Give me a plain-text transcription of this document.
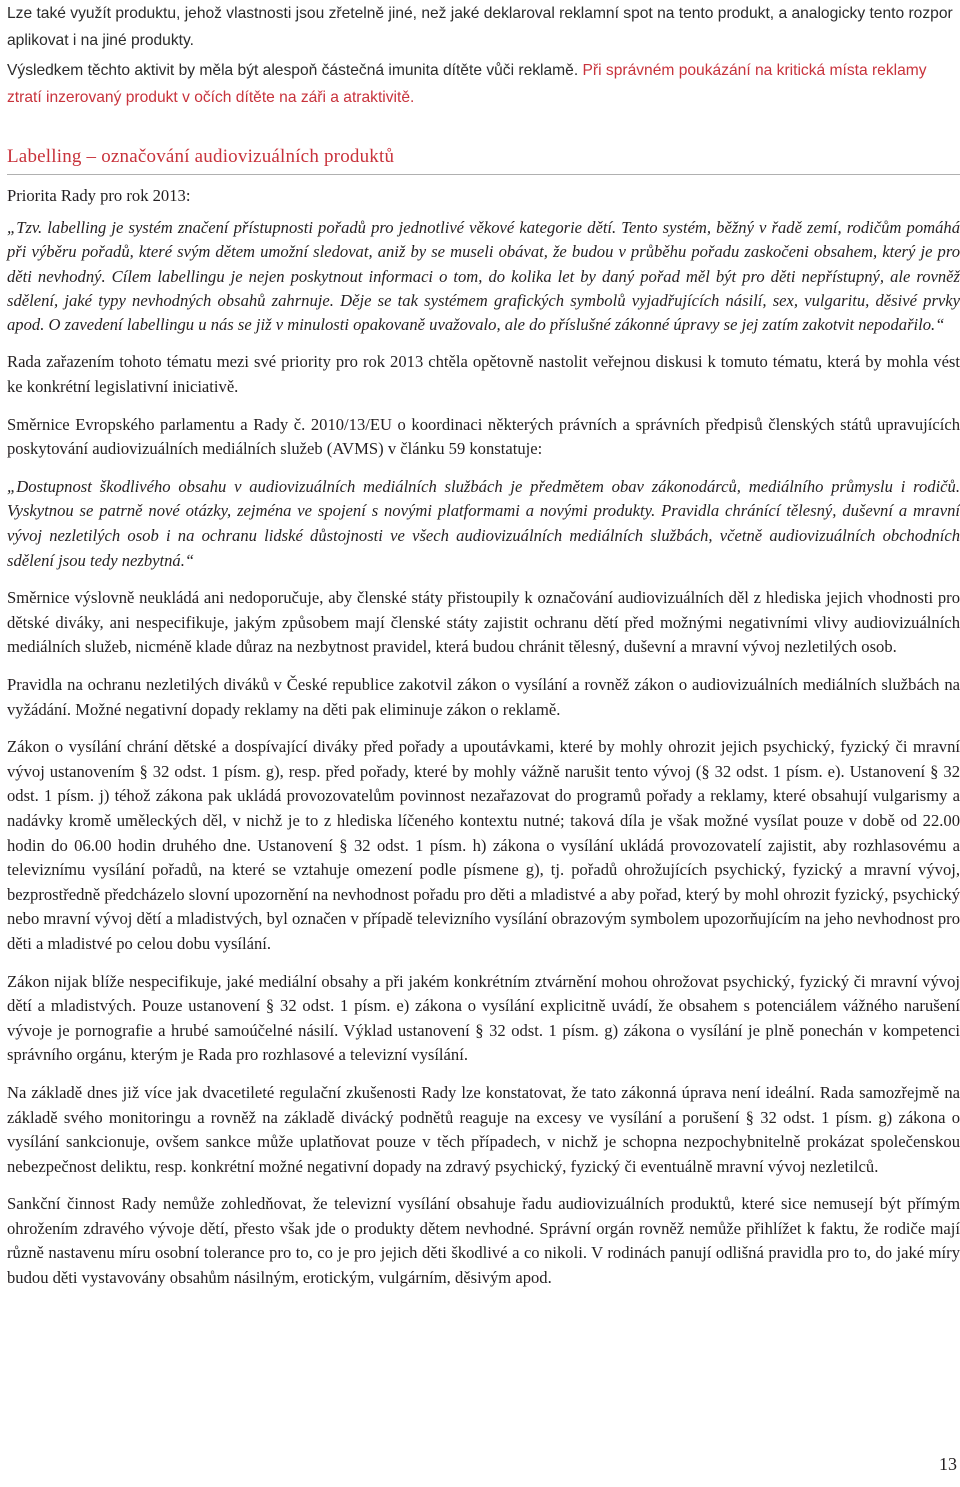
Lze také využít produktu, jehož vlastnosti jsou zřetelně jiné, než jaké deklaroval reklamní spot na tento produkt, a analogicky tento rozpor aplikovat i na jiné produkty.

Výsledkem těchto aktivit by měla být alespoň částečná imunita dítěte vůči reklamě. Při správném poukázání na kritická místa reklamy ztratí inzerovaný produkt v očích dítěte na záři a atraktivitě.

Labelling – označování audiovizuálních produktů

Priorita Rady pro rok 2013:

„Tzv. labelling je systém značení přístupnosti pořadů pro jednotlivé věkové kategorie dětí. Tento systém, běžný v řadě zemí, rodičům pomáhá při výběru pořadů, které svým dětem umožní sledovat, aniž by se museli obávat, že budou v průběhu pořadu zaskočeni obsahem, který je pro děti nevhodný. Cílem labellingu je nejen poskytnout informaci o tom, do kolika let by daný pořad měl být pro děti nepřístupný, ale rovněž sdělení, jaké typy nevhodných obsahů zahrnuje. Děje se tak systémem grafických symbolů vyjadřujících násilí, sex, vulgaritu, děsivé prvky apod. O zavedení labellingu u nás se již v minulosti opakovaně uvažovalo, ale do příslušné zákonné úpravy se jej zatím zakotvit nepodařilo.“

Rada zařazením tohoto tématu mezi své priority pro rok 2013 chtěla opětovně nastolit veřejnou diskusi k tomuto tématu, která by mohla vést ke konkrétní legislativní iniciativě.

Směrnice Evropského parlamentu a Rady č. 2010/13/EU o koordinaci některých právních a správních předpisů členských států upravujících poskytování audiovizuálních mediálních služeb (AVMS) v článku 59 konstatuje:

„Dostupnost škodlivého obsahu v audiovizuálních mediálních službách je předmětem obav zákonodárců, mediálního průmyslu i rodičů. Vyskytnou se patrně nové otázky, zejména ve spojení s novými platformami a novými produkty. Pravidla chránící tělesný, duševní a mravní vývoj nezletilých osob i na ochranu lidské důstojnosti ve všech audiovizuálních mediálních službách, včetně audiovizuálních obchodních sdělení jsou tedy nezbytná.“

Směrnice výslovně neukládá ani nedoporučuje, aby členské státy přistoupily k označování audiovizuálních děl z hlediska jejich vhodnosti pro dětské diváky, ani nespecifikuje, jakým způsobem mají členské státy zajistit ochranu dětí před možnými negativními vlivy audiovizuálních mediálních služeb, nicméně klade důraz na nezbytnost pravidel, která budou chránit tělesný, duševní a mravní vývoj nezletilých osob.

Pravidla na ochranu nezletilých diváků v České republice zakotvil zákon o vysílání a rovněž zákon o audiovizuálních mediálních službách na vyžádání. Možné negativní dopady reklamy na děti pak eliminuje zákon o reklamě.

Zákon o vysílání chrání dětské a dospívající diváky před pořady a upoutávkami, které by mohly ohrozit jejich psychický, fyzický či mravní vývoj ustanovením § 32 odst. 1 písm. g), resp. před pořady, které by mohly vážně narušit tento vývoj (§ 32 odst. 1 písm. e). Ustanovení § 32 odst. 1 písm. j) téhož zákona pak ukládá provozovatelům povinnost nezařazovat do programů pořady a reklamy, které obsahují vulgarismy a nadávky kromě uměleckých děl, v nichž je to z hlediska líčeného kontextu nutné; taková díla je však možné vysílat pouze v době od 22.00 hodin do 06.00 hodin druhého dne. Ustanovení § 32 odst. 1 písm. h) zákona o vysílání ukládá provozovatelí zajistit, aby rozhlasovému a televiznímu vysílání pořadů, na které se vztahuje omezení podle písmene g), tj. pořadů ohrožujících psychický, fyzický a mravní vývoj, bezprostředně předcházelo slovní upozornění na nevhodnost pořadu pro děti a mladistvé a aby pořad, který by mohl ohrozit fyzický, psychický nebo mravní vývoj dětí a mladistvých, byl označen v případě televizního vysílání obrazovým symbolem upozorňujícím na jeho nevhodnost pro děti a mladistvé po celou dobu vysílání.

Zákon nijak blíže nespecifikuje, jaké mediální obsahy a při jakém konkrétním ztvárnění mohou ohrožovat psychický, fyzický či mravní vývoj dětí a mladistvých. Pouze ustanovení § 32 odst. 1 písm. e) zákona o vysílání explicitně uvádí, že obsahem s potenciálem vážného narušení vývoje je pornografie a hrubé samoúčelné násilí. Výklad ustanovení § 32 odst. 1 písm. g) zákona o vysílání je plně ponechán v kompetenci správního orgánu, kterým je Rada pro rozhlasové a televizní vysílání.

Na základě dnes již více jak dvacetileté regulační zkušenosti Rady lze konstatovat, že tato zákonná úprava není ideální. Rada samozřejmě na základě svého monitoringu a rovněž na základě divácký podnětů reaguje na excesy ve vysílání a porušení § 32 odst. 1 písm. g) zákona o vysílání sankcionuje, ovšem sankce může uplatňovat pouze v těch případech, v nichž je schopna nezpochybnitelně prokázat společenskou nebezpečnost deliktu, resp. konkrétní možné negativní dopady na zdravý psychický, fyzický či eventuálně mravní vývoj nezletilců.

Sankční činnost Rady nemůže zohledňovat, že televizní vysílání obsahuje řadu audiovizuálních produktů, které sice nemusejí být přímým ohrožením zdravého vývoje dětí, přesto však jde o produkty dětem nevhodné. Správní orgán rovněž nemůže přihlížet k faktu, že rodiče mají různě nastavenu míru osobní tolerance pro to, co je pro jejich děti škodlivé a co nikoli. V rodinách panují odlišná pravidla pro to, do jaké míry budou děti vystavovány obsahům násilným, erotickým, vulgárním, děsivým apod.

13
